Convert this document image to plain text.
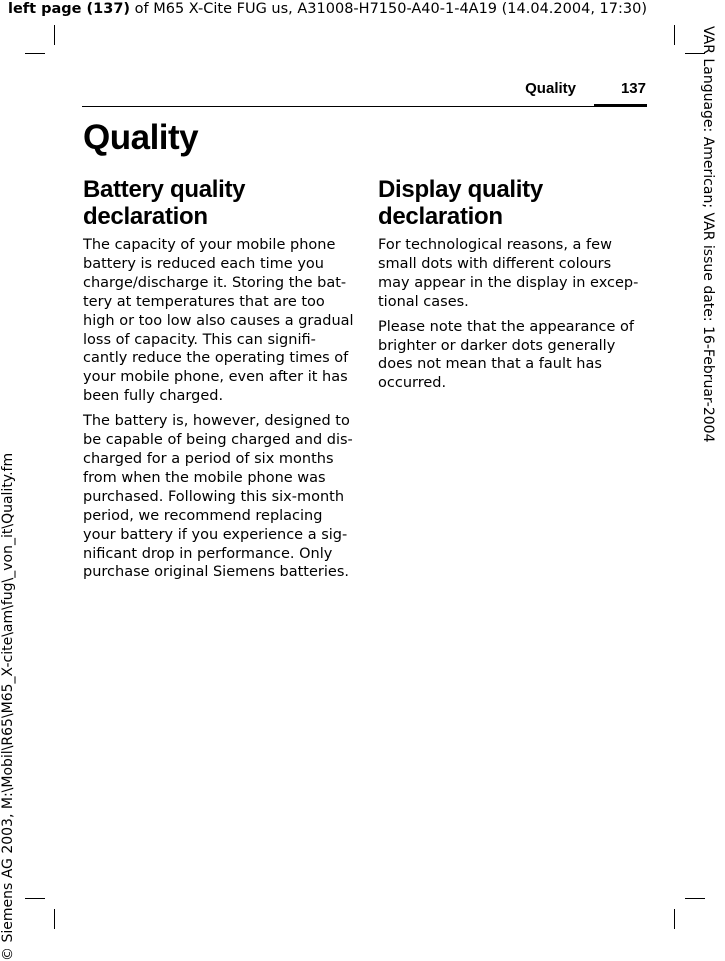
left page (137) of M65 X-Cite FUG us, A31008-H7150-A40-1-4A19 (14.04.2004, 17:30)
VAR Language: American; VAR issue date: 16-Februar-2004
© Siemens AG 2003, M:\Mobil\R65\M65_X-cite\am\fug\_von_it\Quality.fm
Quality	137
Quality
Battery quality
declaration

The capacity of your mobile phone
battery is reduced each time you
charge/discharge it. Storing the bat-
tery at temperatures that are too
high or too low also causes a gradual
loss of capacity. This can signifi-
cantly reduce the operating times of
your mobile phone, even after it has
been fully charged.

The battery is, however, designed to
be capable of being charged and dis-
charged for a period of six months
from when the mobile phone was
purchased. Following this six-month
period, we recommend replacing
your battery if you experience a sig-
nificant drop in performance. Only
purchase original Siemens batteries.

Display quality
declaration

For technological reasons, a few
small dots with different colours
may appear in the display in excep-
tional cases.

Please note that the appearance of
brighter or darker dots generally
does not mean that a fault has
occurred.
